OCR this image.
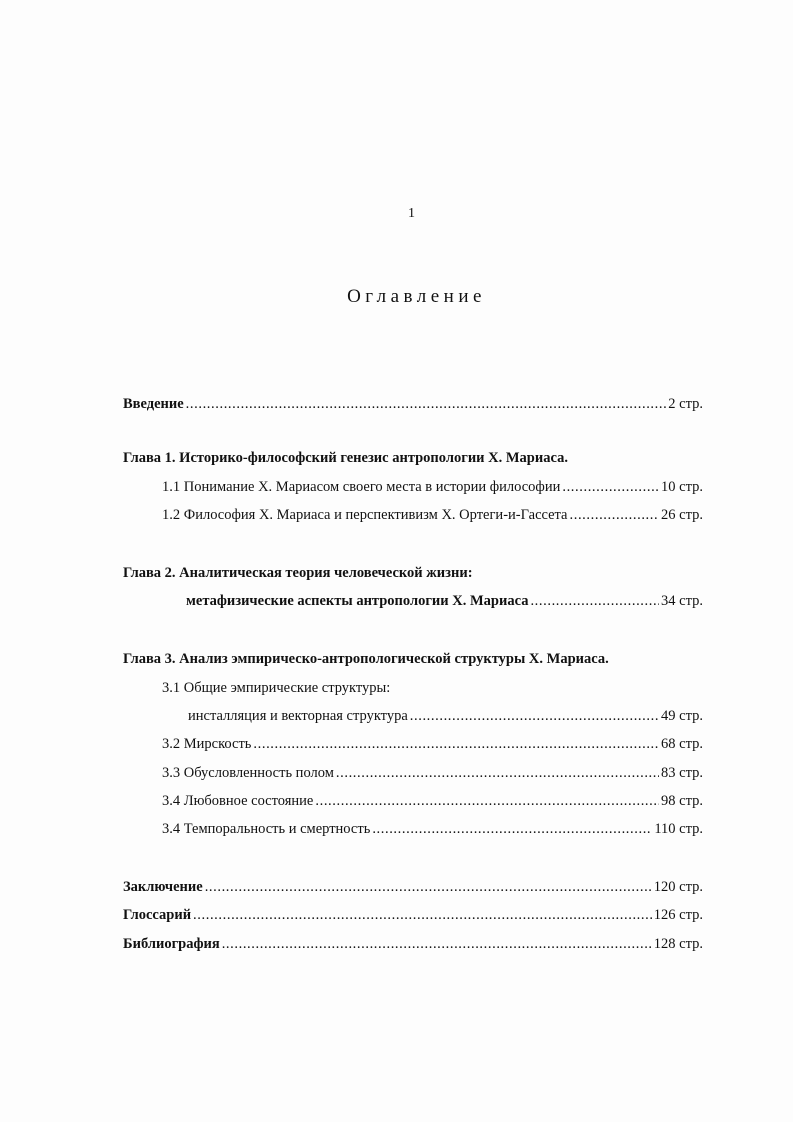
1
Оглавление
Введение .....	2 стр.
Глава 1. Историко-философский генезис антропологии Х. Мариаса.
1.1 Понимание Х. Мариасом своего места в истории философии .....	10 стр.
1.2 Философия Х. Мариаса и перспективизм Х. Ортеги-и-Гассета .....	26 стр.
Глава 2. Аналитическая теория человеческой жизни:
метафизические аспекты антропологии Х. Мариаса .....	34 стр.
Глава 3. Анализ эмпирическо-антропологической структуры Х. Мариаса.
3.1 Общие эмпирические структуры:
инсталляция и векторная структура .....	49 стр.
3.2 Мирскость .....	68 стр.
3.3 Обусловленность полом .....	83 стр.
3.4 Любовное состояние .....	98 стр.
3.4 Темпоральность и смертность .....	110 стр.
Заключение .....	120 стр.
Глоссарий .....	126 стр.
Библиография .....	128 стр.
